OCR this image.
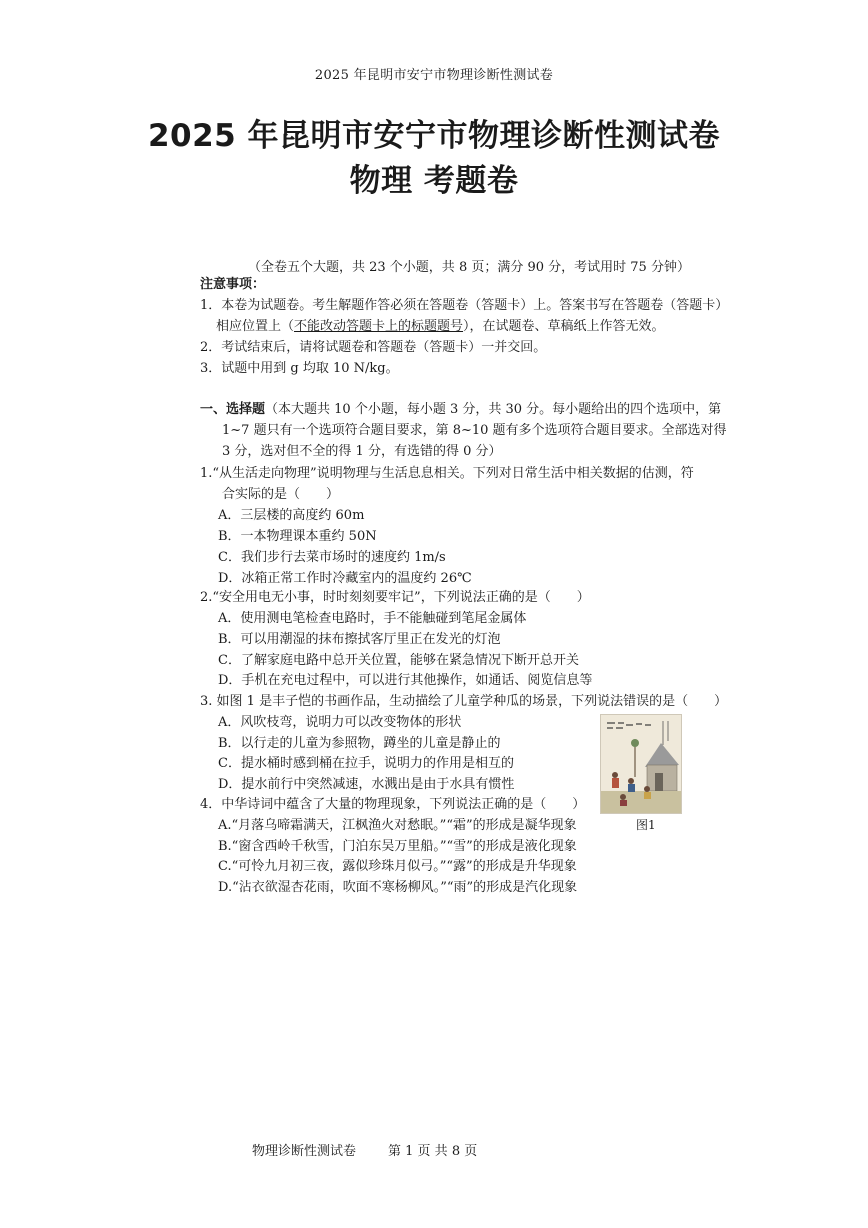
2025 年昆明市安宁市物理诊断性测试卷
2025 年昆明市安宁市物理诊断性测试卷
物理 考题卷
（全卷五个大题，共 23 个小题，共 8 页；满分 90 分，考试用时 75 分钟）
注意事项：
1．本卷为试题卷。考生解题作答必须在答题卷（答题卡）上。答案书写在答题卷（答题卡）
相应位置上（不能改动答题卡上的标题题号），在试题卷、草稿纸上作答无效。
2．考试结束后，请将试题卷和答题卷（答题卡）一并交回。
3．试题中用到 g 均取 10 N/kg。
一、选择题（本大题共 10 个小题，每小题 3 分，共 30 分。每小题给出的四个选项中，第
1~7 题只有一个选项符合题目要求，第 8~10 题有多个选项符合题目要求。全部选对得
3 分，选对但不全的得 1 分，有选错的得 0 分）
1.“从生活走向物理”说明物理与生活息息相关。下列对日常生活中相关数据的估测，符
合实际的是（　　）
A．三层楼的高度约 60m
B．一本物理课本重约 50N
C．我们步行去菜市场时的速度约 1m/s
D．冰箱正常工作时冷藏室内的温度约 26℃
2.“安全用电无小事，时时刻刻要牢记”，下列说法正确的是（　　）
A．使用测电笔检查电路时，手不能触碰到笔尾金属体
B．可以用潮湿的抹布擦拭客厅里正在发光的灯泡
C．了解家庭电路中总开关位置，能够在紧急情况下断开总开关
D．手机在充电过程中，可以进行其他操作，如通话、阅览信息等
3. 如图 1 是丰子恺的书画作品，生动描绘了儿童学种瓜的场景，下列说法错误的是（　　）
A．风吹枝弯，说明力可以改变物体的形状
B．以行走的儿童为参照物，蹲坐的儿童是静止的
C．提水桶时感到桶在拉手，说明力的作用是相互的
D．提水前行中突然减速，水溅出是由于水具有惯性
4．中华诗词中蕴含了大量的物理现象，下列说法正确的是（　　）
A.“月落乌啼霜满天，江枫渔火对愁眠。”“霜”的形成是凝华现象
B.“窗含西岭千秋雪，门泊东吴万里船。”“雪”的形成是液化现象
C.“可怜九月初三夜，露似珍珠月似弓。”“露”的形成是升华现象
D.“沾衣欲湿杏花雨，吹面不寒杨柳风。”“雨”的形成是汽化现象
图1
物理诊断性测试卷 第 1 页 共 8 页
